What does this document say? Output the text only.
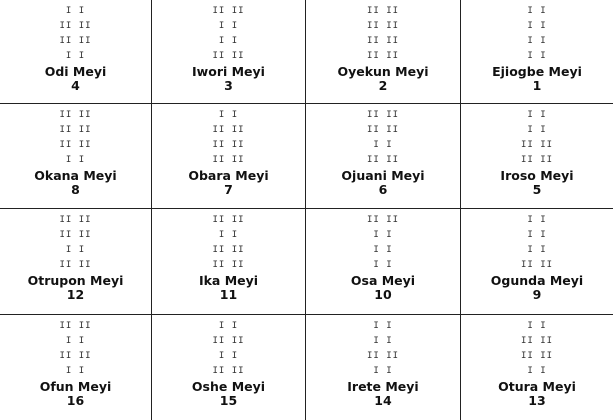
I I
II II
II II
I I
Odi Meyi
4
II II
I I
I I
II II
Iwori Meyi
3
II II
II II
II II
II II
Oyekun Meyi
2
I I
I I
I I
I I
Ejiogbe Meyi
1
II II
II II
II II
I I
Okana Meyi
8
I I
II II
II II
II II
Obara Meyi
7
II II
II II
I I
II II
Ojuani Meyi
6
I I
I I
II II
II II
Iroso Meyi
5
II II
II II
I I
II II
Otrupon Meyi
12
II II
I I
II II
II II
Ika Meyi
11
II II
I I
I I
I I
Osa Meyi
10
I I
I I
I I
II II
Ogunda Meyi
9
II II
I I
II II
I I
Ofun Meyi
16
I I
II II
I I
II II
Oshe Meyi
15
I I
I I
II II
I I
Irete Meyi
14
I I
II II
II II
I I
Otura Meyi
13
